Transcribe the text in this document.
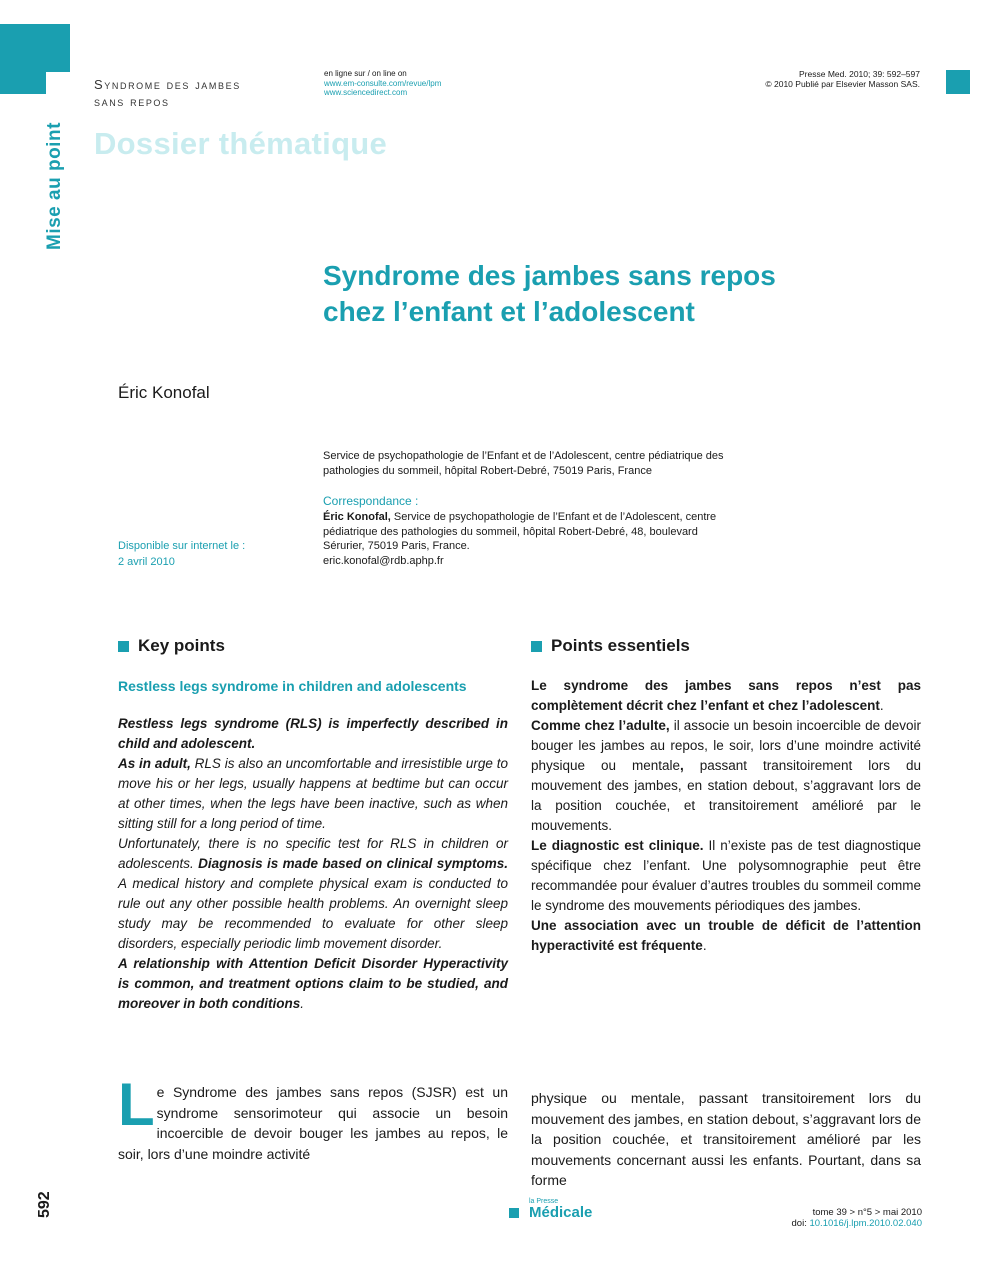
Syndrome des jambes
sans repos
en ligne sur / on line on
www.em-consulte.com/revue/lpm
www.sciencedirect.com
Presse Med. 2010; 39: 592–597
© 2010 Publié par Elsevier Masson SAS.
Dossier thématique
Mise au point
Syndrome des jambes sans repos
chez l’enfant et l’adolescent
Éric Konofal
Service de psychopathologie de l’Enfant et de l’Adolescent, centre pédiatrique des
pathologies du sommeil, hôpital Robert-Debré, 75019 Paris, France
Correspondance :
Éric Konofal, Service de psychopathologie de l’Enfant et de l’Adolescent, centre
pédiatrique des pathologies du sommeil, hôpital Robert-Debré, 48, boulevard
Sérurier, 75019 Paris, France.
eric.konofal@rdb.aphp.fr
Disponible sur internet le :
2 avril 2010
Key points
Restless legs syndrome in children and adolescents
Restless legs syndrome (RLS) is imperfectly described in child and adolescent.
As in adult, RLS is also an uncomfortable and irresistible urge to move his or her legs, usually happens at bedtime but can occur at other times, when the legs have been inactive, such as when sitting still for a long period of time.
Unfortunately, there is no specific test for RLS in children or adolescents. Diagnosis is made based on clinical symptoms. A medical history and complete physical exam is conducted to rule out any other possible health problems. An overnight sleep study may be recommended to evaluate for other sleep disorders, especially periodic limb movement disorder.
A relationship with Attention Deficit Disorder Hyperactivity is common, and treatment options claim to be studied, and moreover in both conditions.
Points essentiels
Le syndrome des jambes sans repos n’est pas complètement décrit chez l’enfant et chez l’adolescent.
Comme chez l’adulte, il associe un besoin incoercible de devoir bouger les jambes au repos, le soir, lors d’une moindre activité physique ou mentale, passant transitoirement lors du mouvement des jambes, en station debout, s’aggravant lors de la position couchée, et transitoirement amélioré par le mouvements.
Le diagnostic est clinique. Il n’existe pas de test diagnostique spécifique chez l’enfant. Une polysomnographie peut être recommandée pour évaluer d’autres troubles du sommeil comme le syndrome des mouvements périodiques des jambes.
Une association avec un trouble de déficit de l’attention hyperactivité est fréquente.
L e Syndrome des jambes sans repos (SJSR) est un syndrome sensorimoteur qui associe un besoin incoercible de devoir bouger les jambes au repos, le soir, lors d’une moindre activité
physique ou mentale, passant transitoirement lors du mouvement des jambes, en station debout, s’aggravant lors de la position couchée, et transitoirement amélioré par les mouvements concernant aussi les enfants. Pourtant, dans sa forme
592	la Presse
Médicale	tome 39 > n°5 > mai 2010
doi: 10.1016/j.lpm.2010.02.040
